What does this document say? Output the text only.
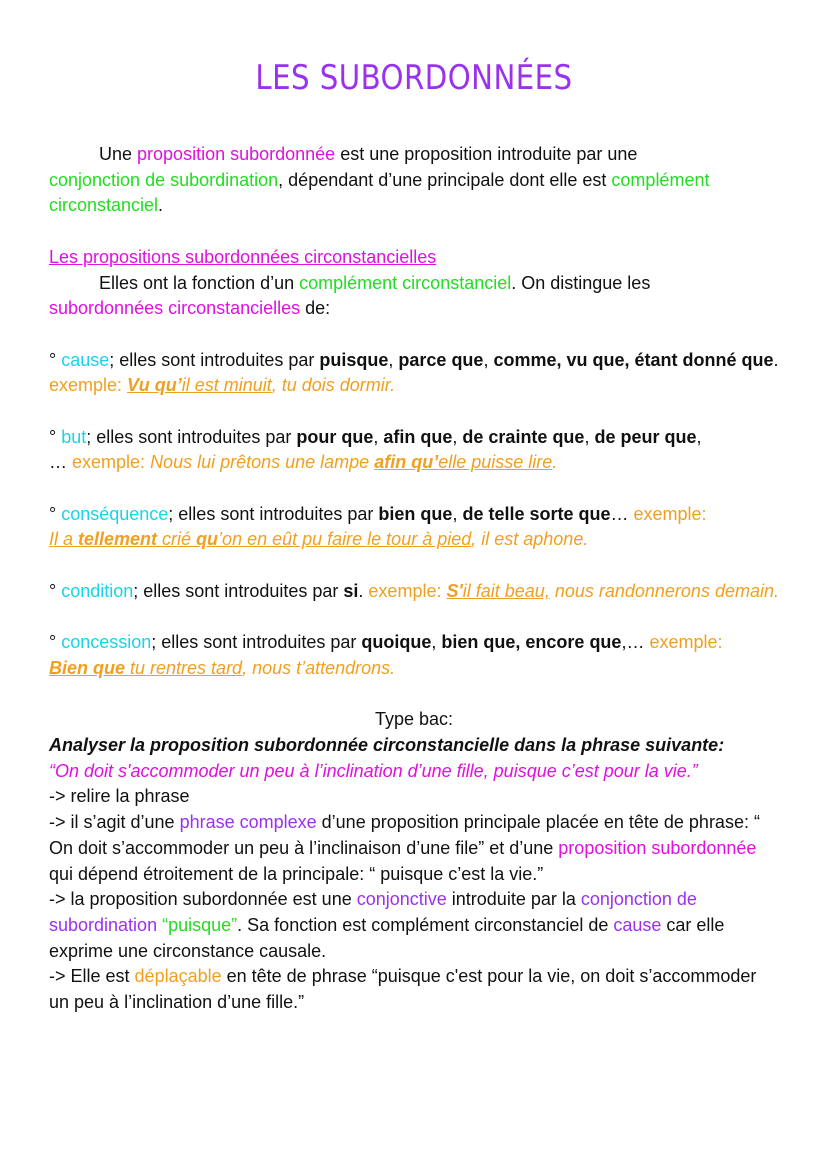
LES SUBORDONNÉES

Une proposition subordonnée est une proposition introduite par une
conjonction de subordination, dépendant d’une principale dont elle est complément circonstanciel.

Les propositions subordonnées circonstancielles

Elles ont la fonction d’un complément circonstanciel. On distingue les
subordonnées circonstancielles de:

° cause; elles sont introduites par puisque, parce que, comme, vu que, étant donné que. exemple: Vu qu’il est minuit, tu dois dormir.

° but; elles sont introduites par pour que, afin que, de crainte que, de peur que,
… exemple: Nous lui prêtons une lampe afin qu’elle puisse lire.

° conséquence; elles sont introduites par bien que, de telle sorte que… exemple:
Il a tellement crié qu’on en eût pu faire le tour à pied, il est aphone.

° condition; elles sont introduites par si. exemple: S'il fait beau, nous randonnerons demain.

° concession; elles sont introduites par quoique, bien que, encore que,… exemple:
Bien que tu rentres tard, nous t’attendrons.

Type bac:

Analyser la proposition subordonnée circonstancielle dans la phrase suivante:

“On doit s'accommoder un peu à l’inclination d’une fille, puisque c’est pour la vie.”

-> relire la phrase

-> il s’agit d’une phrase complexe d’une proposition principale placée en tête de phrase: “ On doit s’accommoder un peu à l’inclinaison d’une file” et d’une proposition subordonnée qui dépend étroitement de la principale: “ puisque c’est la vie.”

-> la proposition subordonnée est une conjonctive introduite par la conjonction de subordination “puisque”. Sa fonction est complément circonstanciel de cause car elle exprime une circonstance causale.

-> Elle est déplaçable en tête de phrase “puisque c'est pour la vie, on doit s’accommoder un peu à l’inclination d’une fille.”
